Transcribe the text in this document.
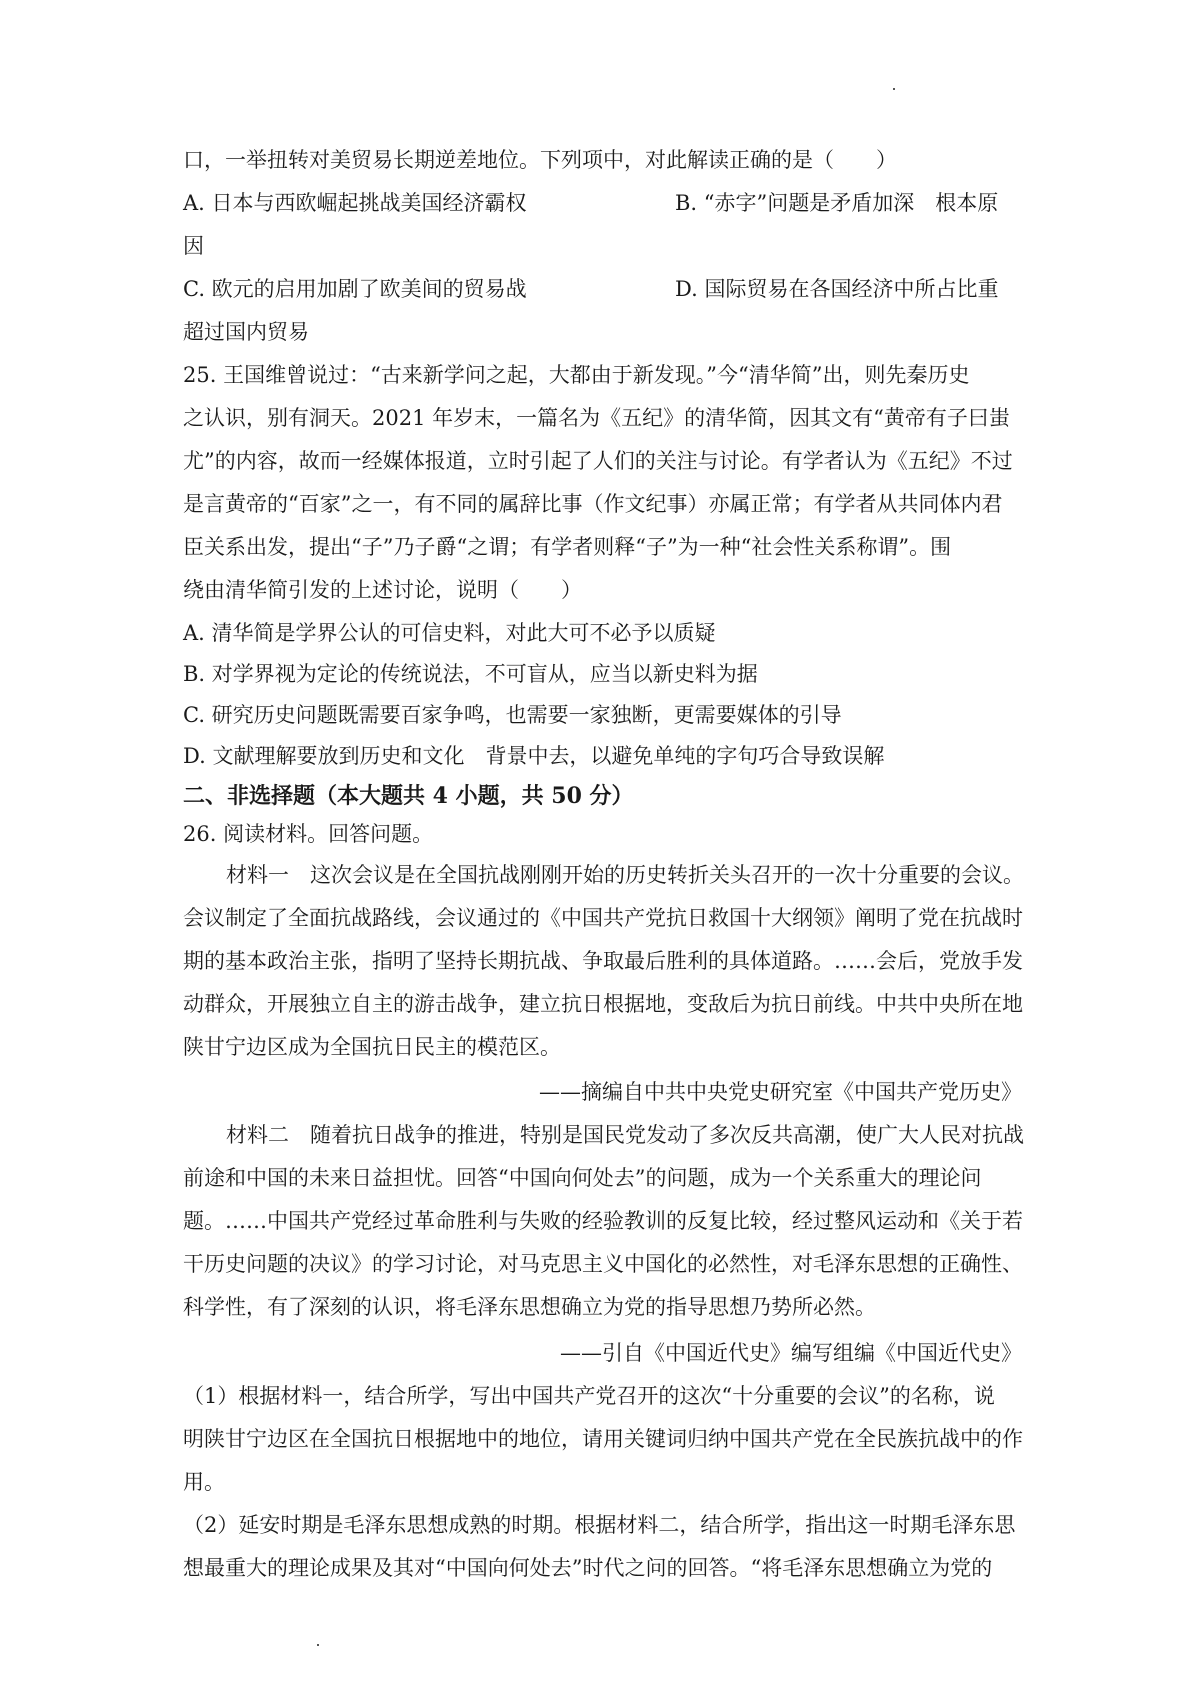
口，一举扭转对美贸易长期逆差地位。下列项中，对此解读正确的是（　　）
A. 日本与西欧崛起挑战美国经济霸权	B. “赤字”问题是矛盾加深　根本原
因
C. 欧元的启用加剧了欧美间的贸易战	D. 国际贸易在各国经济中所占比重
超过国内贸易
25. 王国维曾说过：“古来新学问之起，大都由于新发现。”今“清华简”出，则先秦历史
之认识，别有洞天。2021 年岁末，一篇名为《五纪》的清华简，因其文有“黄帝有子曰蚩
尤”的内容，故而一经媒体报道，立时引起了人们的关注与讨论。有学者认为《五纪》不过
是言黄帝的“百家”之一，有不同的属辞比事（作文纪事）亦属正常；有学者从共同体内君
臣关系出发，提出“子”乃子爵“之谓；有学者则释“子”为一种“社会性关系称谓”。围
绕由清华简引发的上述讨论，说明（　　）
A. 清华简是学界公认的可信史料，对此大可不必予以质疑
B. 对学界视为定论的传统说法，不可盲从，应当以新史料为据
C. 研究历史问题既需要百家争鸣，也需要一家独断，更需要媒体的引导
D. 文献理解要放到历史和文化　背景中去，以避免单纯的字句巧合导致误解
二、非选择题（本大题共 4 小题，共 50 分）
26. 阅读材料。回答问题。
材料一　这次会议是在全国抗战刚刚开始的历史转折关头召开的一次十分重要的会议。
会议制定了全面抗战路线，会议通过的《中国共产党抗日救国十大纲领》阐明了党在抗战时
期的基本政治主张，指明了坚持长期抗战、争取最后胜利的具体道路。……会后，党放手发
动群众，开展独立自主的游击战争，建立抗日根据地，变敌后为抗日前线。中共中央所在地
陕甘宁边区成为全国抗日民主的模范区。
——摘编自中共中央党史研究室《中国共产党历史》
材料二　随着抗日战争的推进，特别是国民党发动了多次反共高潮，使广大人民对抗战
前途和中国的未来日益担忧。回答“中国向何处去”的问题，成为一个关系重大的理论问
题。……中国共产党经过革命胜利与失败的经验教训的反复比较，经过整风运动和《关于若
干历史问题的决议》的学习讨论，对马克思主义中国化的必然性，对毛泽东思想的正确性、
科学性，有了深刻的认识，将毛泽东思想确立为党的指导思想乃势所必然。
——引自《中国近代史》编写组编《中国近代史》
（1）根据材料一，结合所学，写出中国共产党召开的这次“十分重要的会议”的名称，说
明陕甘宁边区在全国抗日根据地中的地位，请用关键词归纳中国共产党在全民族抗战中的作
用。
（2）延安时期是毛泽东思想成熟的时期。根据材料二，结合所学，指出这一时期毛泽东思
想最重大的理论成果及其对“中国向何处去”时代之问的回答。“将毛泽东思想确立为党的
